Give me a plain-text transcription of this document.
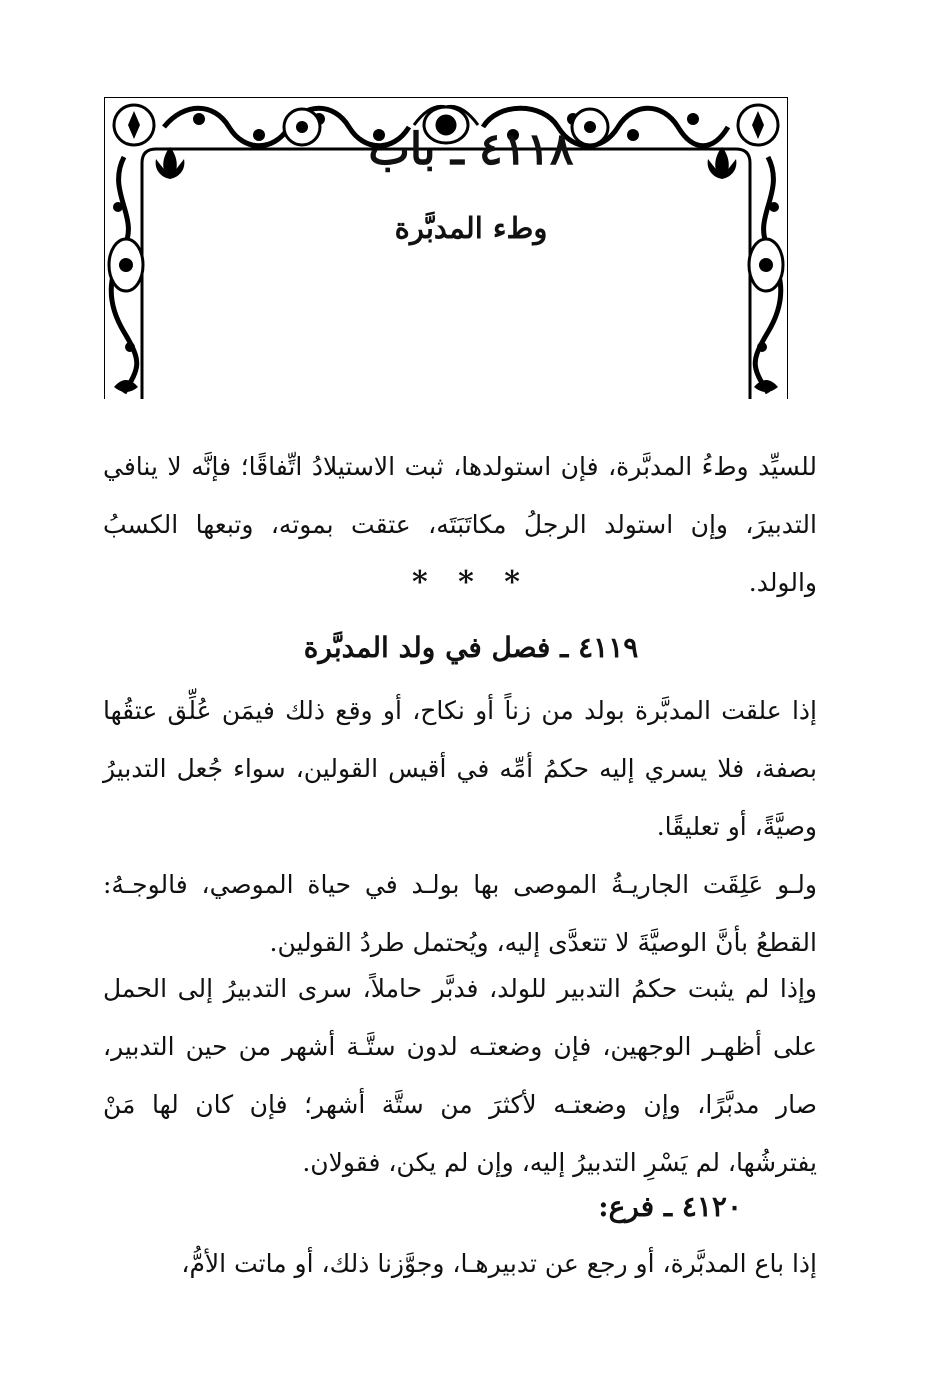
٤١١٨ ـ باب
وطء المدبَّرة
للسيِّد وطءُ المدبَّرة، فإن استولدها، ثبت الاستيلادُ اتِّفاقًا؛ فإنَّه لا ينافي التدبيرَ، وإن استولد الرجلُ مكاتَبَتَه، عتقت بموته، وتبعها الكسبُ والولد.
* * *
٤١١٩ ـ فصل في ولد المدبَّرة
إذا علقت المدبَّرة بولد من زناً أو نكاح، أو وقع ذلك فيمَن عُلِّق عتقُها بصفة، فلا يسري إليه حكمُ أمِّه في أقيس القولين، سواء جُعل التدبيرُ وصيَّةً، أو تعليقًا.
ولـو عَلِقَت الجاريـةُ الموصى بها بولـد في حياة الموصي، فالوجـهُ: القطعُ بأنَّ الوصيَّةَ لا تتعدَّى إليه، ويُحتمل طردُ القولين.
وإذا لم يثبت حكمُ التدبير للولد، فدبَّر حاملاً، سرى التدبيرُ إلى الحمل على أظهـر الوجهين، فإن وضعتـه لدون ستَّـة أشهر من حين التدبير، صار مدبَّرًا، وإن وضعتـه لأكثرَ من ستَّة أشهر؛ فإن كان لها مَنْ يفترشُها، لم يَسْرِ التدبيرُ إليه، وإن لم يكن، فقولان.
٤١٢٠ ـ فرع:
إذا باع المدبَّرة، أو رجع عن تدبيرهـا، وجوَّزنا ذلك، أو ماتت الأمُّ،
